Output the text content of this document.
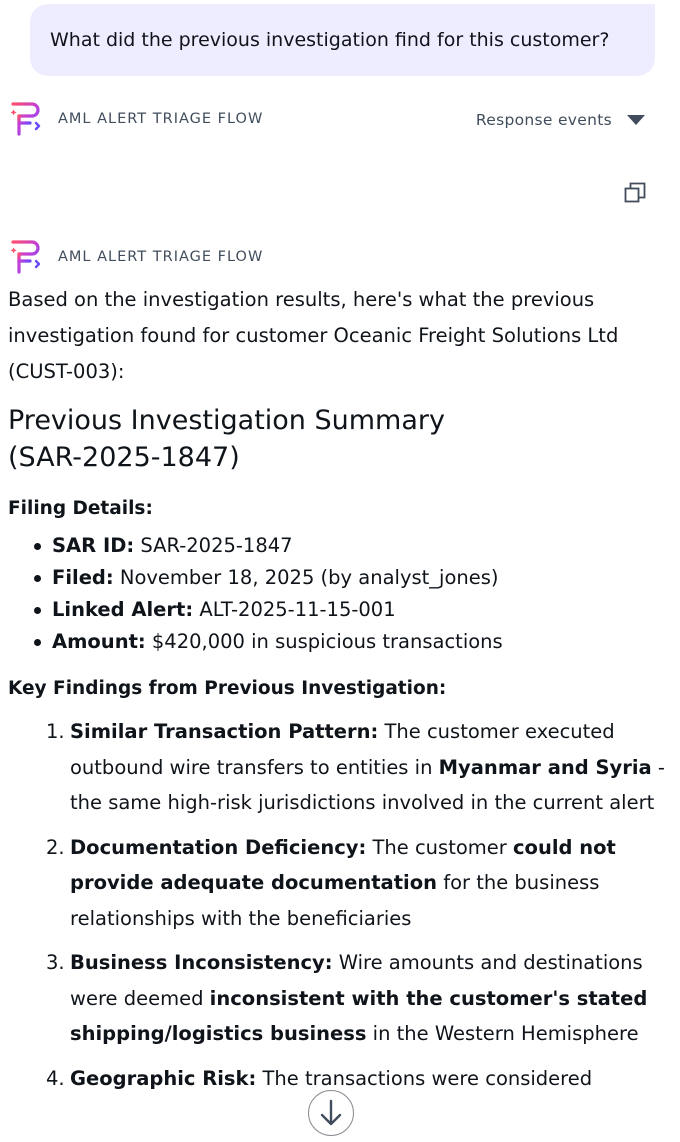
What did the previous investigation find for this customer?
AML ALERT TRIAGE FLOW	Response events
AML ALERT TRIAGE FLOW

Based on the investigation results, here's what the previous investigation found for customer Oceanic Freight Solutions Ltd (CUST-003):

Previous Investigation Summary
(SAR-2025-1847)

Filing Details:

SAR ID: SAR-2025-1847
Filed: November 18, 2025 (by analyst_jones)
Linked Alert: ALT-2025-11-15-001
Amount: $420,000 in suspicious transactions

Key Findings from Previous Investigation:

1. Similar Transaction Pattern: The customer executed outbound wire transfers to entities in Myanmar and Syria - the same high-risk jurisdictions involved in the current alert
2. Documentation Deficiency: The customer could not provide adequate documentation for the business relationships with the beneficiaries
3. Business Inconsistency: Wire amounts and destinations were deemed inconsistent with the customer's stated shipping/logistics business in the Western Hemisphere
4. Geographic Risk: The transactions were considered
